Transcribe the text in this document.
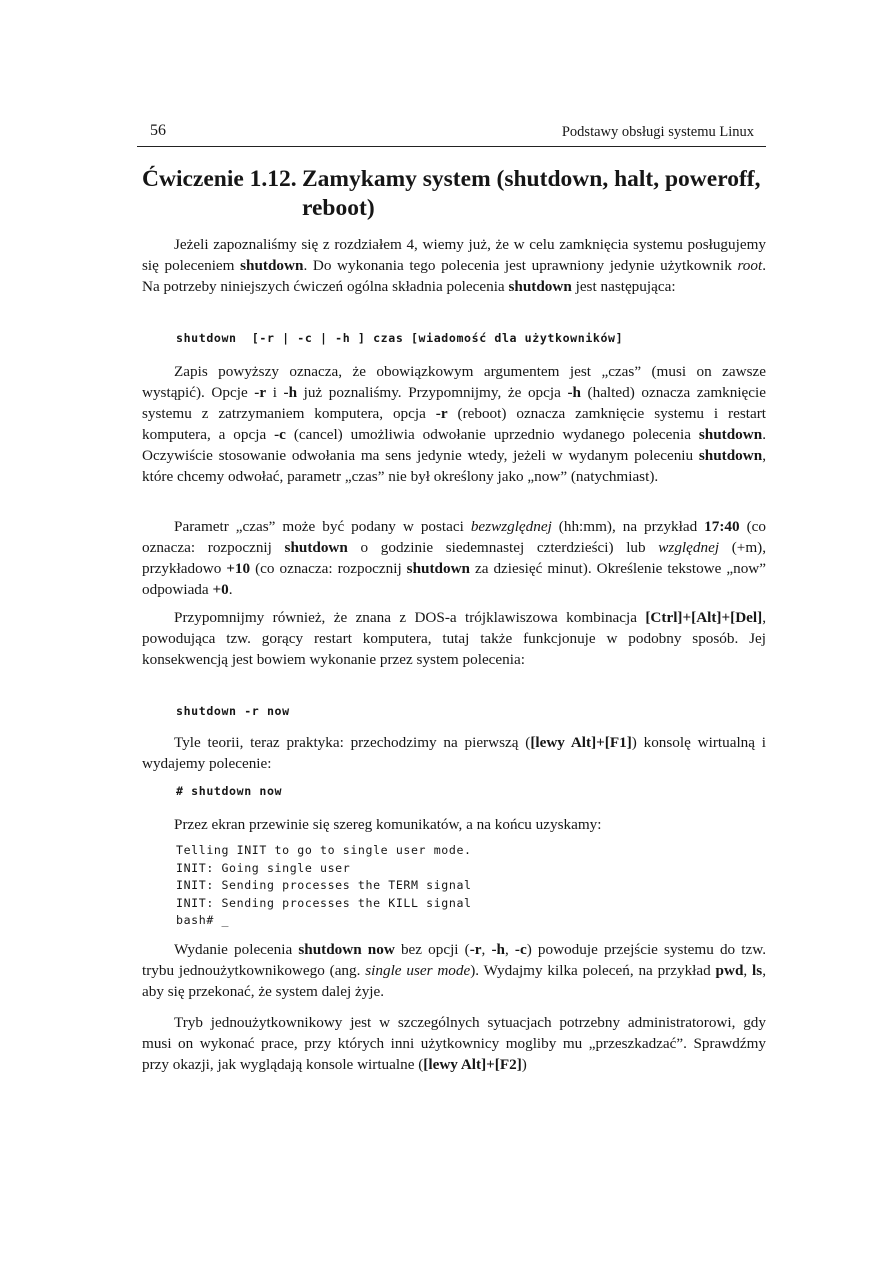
56	Podstawy obsługi systemu Linux
Ćwiczenie 1.12. Zamykamy system (shutdown, halt, poweroff,
reboot)

Jeżeli zapoznaliśmy się z rozdziałem 4, wiemy już, że w celu zamknięcia systemu posługujemy się poleceniem shutdown. Do wykonania tego polecenia jest uprawniony jedynie użytkownik root. Na potrzeby niniejszych ćwiczeń ogólna składnia polecenia shutdown jest następująca:

shutdown  [-r | -c | -h ] czas [wiadomość dla użytkowników]

Zapis powyższy oznacza, że obowiązkowym argumentem jest „czas” (musi on zawsze wystąpić). Opcje -r i -h już poznaliśmy. Przypomnijmy, że opcja -h (halted) oznacza zamknięcie systemu z zatrzymaniem komputera, opcja -r (reboot) oznacza zamknięcie systemu i restart komputera, a opcja -c (cancel) umożliwia odwołanie uprzednio wydanego polecenia shutdown. Oczywiście stosowanie odwołania ma sens jedynie wtedy, jeżeli w wydanym poleceniu shutdown, które chcemy odwołać, parametr „czas” nie był określony jako „now” (natychmiast).

Parametr „czas” może być podany w postaci bezwzględnej (hh:mm), na przykład 17:40 (co oznacza: rozpocznij shutdown o godzinie siedemnastej czterdzieści) lub względnej (+m), przykładowo +10 (co oznacza: rozpocznij shutdown za dziesięć minut). Określenie tekstowe „now” odpowiada +0.

Przypomnijmy również, że znana z DOS-a trójklawiszowa kombinacja [Ctrl]+[Alt]+[Del], powodująca tzw. gorący restart komputera, tutaj także funkcjonuje w podobny sposób. Jej konsekwencją jest bowiem wykonanie przez system polecenia:

shutdown -r now

Tyle teorii, teraz praktyka: przechodzimy na pierwszą ([lewy Alt]+[F1]) konsolę wirtualną i wydajemy polecenie:

# shutdown now

Przez ekran przewinie się szereg komunikatów, a na końcu uzyskamy:

Telling INIT to go to single user mode.
INIT: Going single user
INIT: Sending processes the TERM signal
INIT: Sending processes the KILL signal
bash# _

Wydanie polecenia shutdown now bez opcji (-r, -h, -c) powoduje przejście systemu do tzw. trybu jednoużytkownikowego (ang. single user mode). Wydajmy kilka poleceń, na przykład pwd, ls, aby się przekonać, że system dalej żyje.

Tryb jednoużytkownikowy jest w szczególnych sytuacjach potrzebny administratorowi, gdy musi on wykonać prace, przy których inni użytkownicy mogliby mu „przeszkadzać”. Sprawdźmy przy okazji, jak wyglądają konsole wirtualne ([lewy Alt]+[F2])
